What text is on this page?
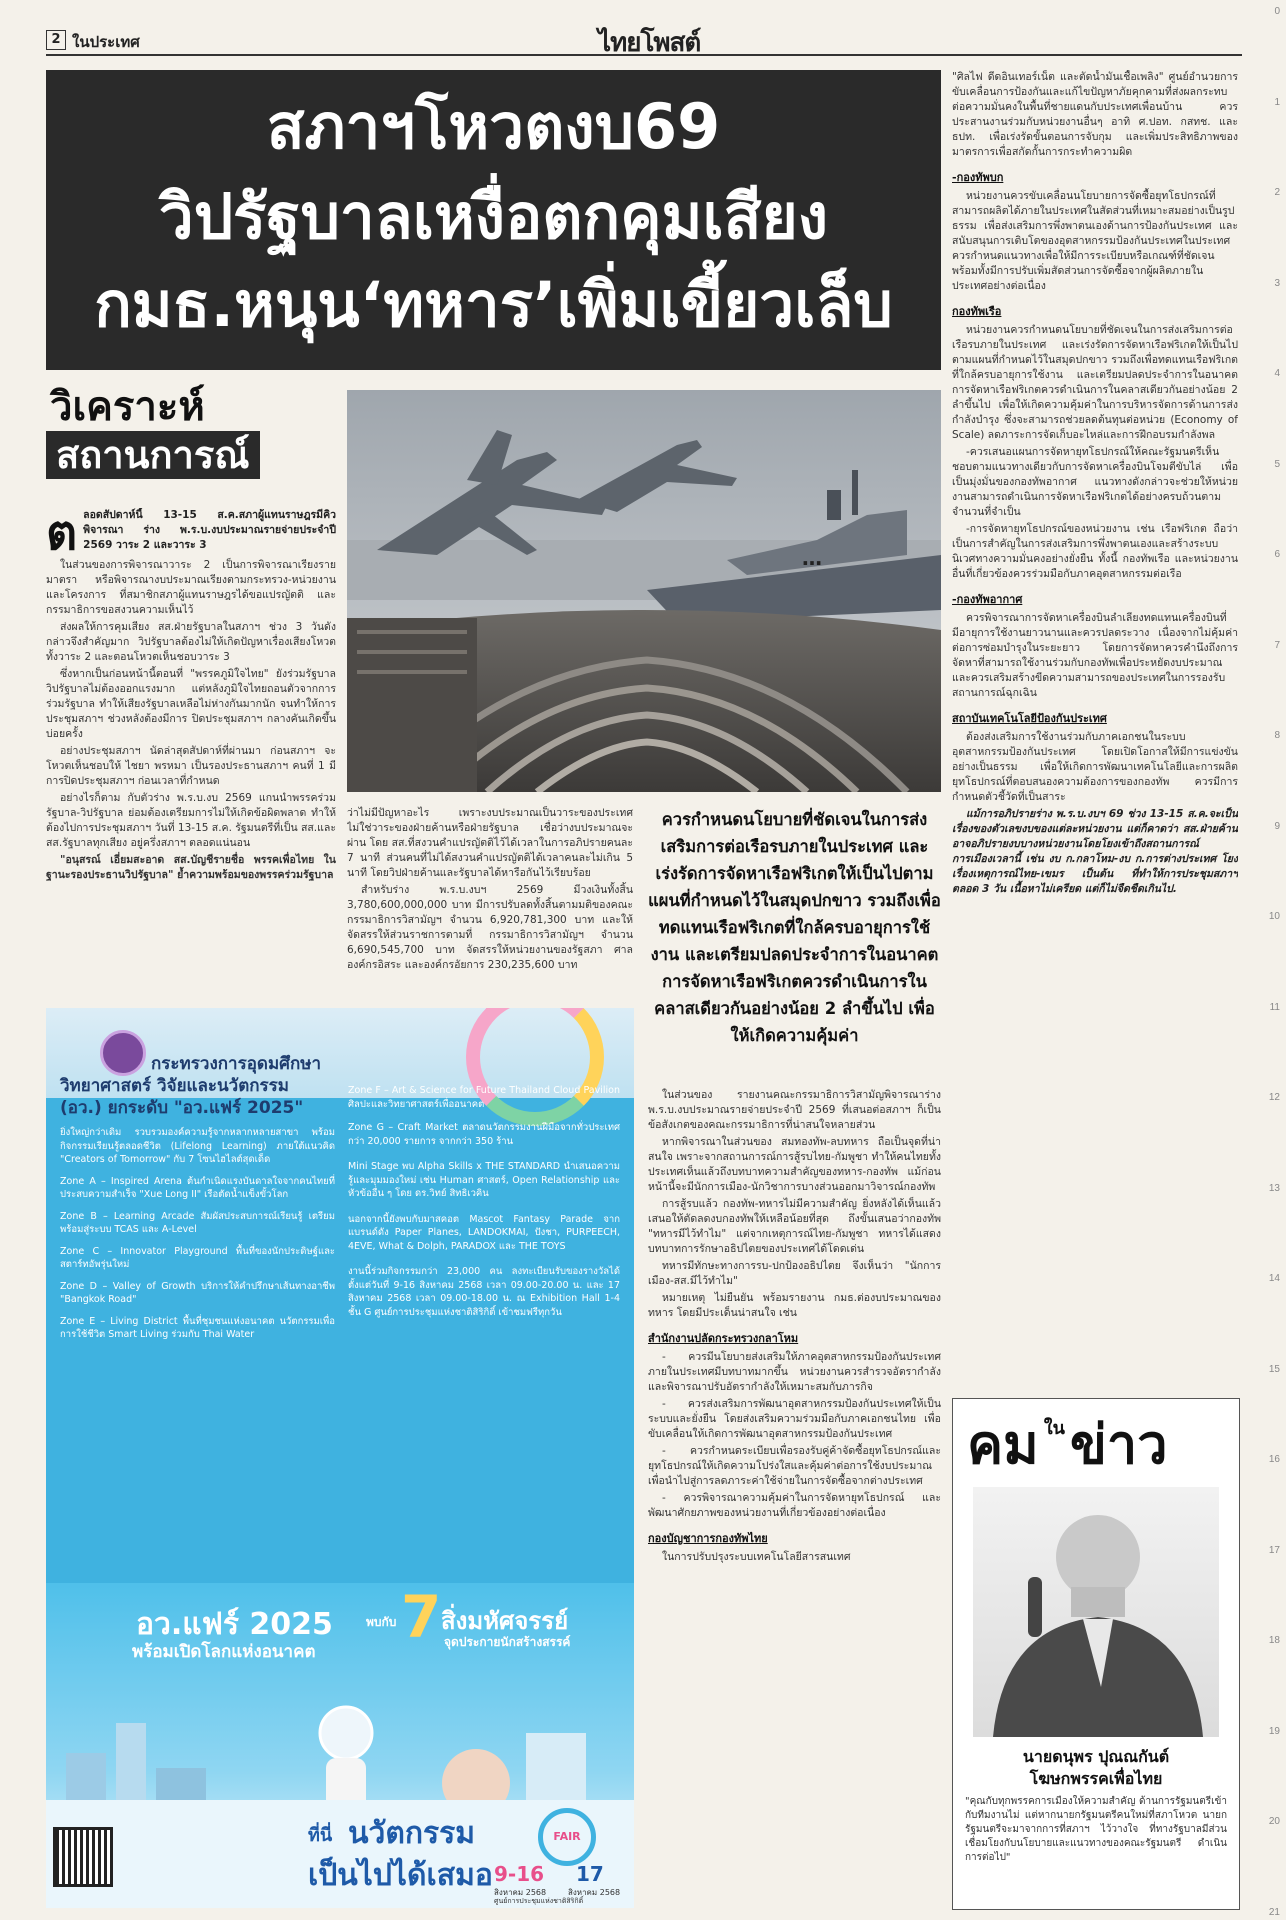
2 ในประเทศ	ไทยโพสต์
สภาฯโหวตงบ69
วิปรัฐบาลเหงื่อตกคุมเสียง
กมธ.หนุน‘ทหาร’เพิ่มเขี้ยวเล็บ
วิเคราะห์
สถานการณ์
ต ลอดสัปดาห์นี้ 13-15 ส.ค.สภาผู้แทนราษฎรมีคิวพิจารณา ร่าง พ.ร.บ.งบประมาณรายจ่ายประจำปี 2569 วาระ 2 และวาระ 3

ในส่วนของการพิจารณาวาระ 2 เป็นการพิจารณาเรียงรายมาตรา หรือพิจารณางบประมาณเรียงตามกระทรวง-หน่วยงาน และโครงการ ที่สมาชิกสภาผู้แทนราษฎรได้ขอแปรญัตติ และกรรมาธิการขอสงวนความเห็นไว้

ส่งผลให้การคุมเสียง สส.ฝ่ายรัฐบาลในสภาฯ ช่วง 3 วันดังกล่าวจึงสำคัญมาก วิปรัฐบาลต้องไม่ให้เกิดปัญหาเรื่องเสียงโหวตทั้งวาระ 2 และตอนโหวตเห็นชอบวาระ 3

ซึ่งหากเป็นก่อนหน้านี้ตอนที่ "พรรคภูมิใจไทย" ยังร่วมรัฐบาล วิปรัฐบาลไม่ต้องออกแรงมาก แต่หลังภูมิใจไทยถอนตัวจากการร่วมรัฐบาล ทำให้เสียงรัฐบาลเหลือไม่ห่างกันมากนัก จนทำให้การประชุมสภาฯ ช่วงหลังต้องมีการ ปิดประชุมสภาฯ กลางคันเกิดขึ้นบ่อยครั้ง

อย่างประชุมสภาฯ นัดล่าสุดสัปดาห์ที่ผ่านมา ก่อนสภาฯ จะโหวตเห็นชอบให้ ไชยา พรหมา เป็นรองประธานสภาฯ คนที่ 1 มีการปิดประชุมสภาฯ ก่อนเวลาที่กำหนด

อย่างไรก็ตาม กับตัวร่าง พ.ร.บ.งบ 2569 แกนนำพรรคร่วมรัฐบาล-วิปรัฐบาล ย่อมต้องเตรียมการไม่ให้เกิดข้อผิดพลาด ทำให้ต้องไปการประชุมสภาฯ วันที่ 13-15 ส.ค. รัฐมนตรีที่เป็น สส.และ สส.รัฐบาลทุกเสียง อยู่ครึ่งสภาฯ ตลอดแน่นอน

"อนุสรณ์ เอี่ยมสะอาด สส.บัญชีรายชื่อ พรรคเพื่อไทย ในฐานะรองประธานวิปรัฐบาล" ย้ำความพร้อมของพรรคร่วมรัฐบาล

…

ว่าไม่มีปัญหาอะไร เพราะงบประมาณเป็นวาระของประเทศ ไม่ใช่วาระของฝ่ายค้านหรือฝ่ายรัฐบาล เชื่อว่างบประมาณจะผ่าน โดย สส.ที่สงวนคำแปรญัตติไว้ได้เวลาในการอภิปรายคนละ 7 นาที ส่วนคนที่ไม่ได้สงวนคำแปรญัตติได้เวลาคนละไม่เกิน 5 นาที โดยวิปฝ่ายค้านและรัฐบาลได้หารือกันไว้เรียบร้อย

สำหรับร่าง พ.ร.บ.งบฯ 2569 มีวงเงินทั้งสิ้น 3,780,600,000,000 บาท มีการปรับลดทั้งสิ้นตามมติของคณะกรรมาธิการวิสามัญฯ จำนวน 6,920,781,300 บาท และให้จัดสรรให้ส่วนราชการตามที่ กรรมาธิการวิสามัญฯ จำนวน 6,690,545,700 บาท จัดสรรให้หน่วยงานของรัฐสภา ศาล องค์กรอิสระ และองค์กรอัยการ 230,235,600 บาท

ควรกำหนดนโยบายที่ชัดเจนในการส่งเสริมการต่อเรือรบภายในประเทศ และเร่งรัดการจัดหาเรือฟริเกตให้เป็นไปตามแผนที่กำหนดไว้ในสมุดปกขาว รวมถึงเพื่อทดแทนเรือฟริเกตที่ใกล้ครบอายุการใช้งาน และเตรียมปลดประจำการในอนาคต การจัดหาเรือฟริเกตควรดำเนินการในคลาสเดียวกันอย่างน้อย 2 ลำขึ้นไป เพื่อให้เกิดความคุ้มค่า
กระทรวงการอุดมศึกษา
วิทยาศาสตร์ วิจัยและนวัตกรรม
(อว.) ยกระดับ "อว.แฟร์ 2025"

ยิ่งใหญ่กว่าเดิม รวบรวมองค์ความรู้จากหลากหลายสาขา พร้อมกิจกรรมเรียนรู้ตลอดชีวิต (Lifelong Learning) ภายใต้แนวคิด "Creators of Tomorrow" กับ 7 โซนไฮไลต์สุดเด็ด

Zone A – Inspired Arena ต้นกำเนิดแรงบันดาลใจจากคนไทยที่ประสบความสำเร็จ "Xue Long II" เรือตัดน้ำแข็งขั้วโลก

Zone B – Learning Arcade สัมผัสประสบการณ์เรียนรู้ เตรียมพร้อมสู่ระบบ TCAS และ A-Level

Zone C – Innovator Playground พื้นที่ของนักประดิษฐ์และสตาร์ทอัพรุ่นใหม่

Zone D – Valley of Growth บริการให้คำปรึกษาเส้นทางอาชีพ "Bangkok Road"

Zone E – Living District พื้นที่ชุมชนแห่งอนาคต นวัตกรรมเพื่อการใช้ชีวิต Smart Living ร่วมกับ Thai Water

Zone F – Art & Science for Future Thailand Cloud Pavilion ศิลปะและวิทยาศาสตร์เพื่ออนาคต

Zone G – Craft Market ตลาดนวัตกรรมงานฝีมือจากทั่วประเทศกว่า 20,000 รายการ จากกว่า 350 ร้าน

Mini Stage พบ Alpha Skills x THE STANDARD นำเสนอความรู้และมุมมองใหม่ เช่น Human ศาสตร์, Open Relationship และหัวข้ออื่น ๆ โดย ดร.วิทย์ สิทธิเวคิน

นอกจากนี้ยังพบกับมาสคอต Mascot Fantasy Parade จากแบรนด์ดัง Paper Planes, LANDOKMAI, ปังชา, PURPEECH, 4EVE, What & Dolph, PARADOX และ THE TOYS

งานนี้ร่วมกิจกรรมกว่า 23,000 คน ลงทะเบียนรับของรางวัลได้ตั้งแต่วันที่ 9-16 สิงหาคม 2568 เวลา 09.00-20.00 น. และ 17 สิงหาคม 2568 เวลา 09.00-18.00 น. ณ Exhibition Hall 1-4 ชั้น G ศูนย์การประชุมแห่งชาติสิริกิติ์ เข้าชมฟรีทุกวัน

อว.แฟร์ 2025
พร้อมเปิดโลกแห่งอนาคต
พบกับ 7 สิ่งมหัศจรรย์
จุดประกายนักสร้างสรรค์
ที่นี่ นวัตกรรม
เป็นไปได้เสมอ
FAIR
9-16
สิงหาคม 2568
17
สิงหาคม 2568
ศูนย์การประชุมแห่งชาติสิริกิติ์

ในส่วนของ รายงานคณะกรรมาธิการวิสามัญพิจารณาร่าง พ.ร.บ.งบประมาณรายจ่ายประจำปี 2569 ที่เสนอต่อสภาฯ ก็เป็นข้อสังเกตของคณะกรรมาธิการที่น่าสนใจหลายส่วน

หากพิจารณาในส่วนของ สมทองทัพ-ลบทหาร ถือเป็นจุดที่น่าสนใจ เพราะจากสถานการณ์การสู้รบไทย-กัมพูชา ทำให้คนไทยทั้งประเทศเห็นแล้วถึงบทบาทความสำคัญของทหาร-กองทัพ แม้ก่อนหน้านี้จะมีนักการเมือง-นักวิชาการบางส่วนออกมาวิจารณ์กองทัพ

การสู้รบแล้ว กองทัพ-ทหารไม่มีความสำคัญ ยิ่งหลังได้เห็นแล้ว เสนอให้ตัดลดงบกองทัพให้เหลือน้อยที่สุด ถึงขั้นเสนอว่ากองทัพ "ทหารมีไว้ทำไม" แต่จากเหตุการณ์ไทย-กัมพูชา ทหารได้แสดงบทบาทการรักษาอธิปไตยของประเทศได้โดดเด่น

ทหารมีทักษะทางการรบ-ปกป้องอธิปไตย จึงเห็นว่า "นักการเมือง-สส.มีไว้ทำไม"

หมายเหตุ ไม่ยืนยัน พร้อมรายงาน กมธ.ต่องบประมาณของทหาร โดยมีประเด็นน่าสนใจ เช่น

สำนักงานปลัดกระทรวงกลาโหม

- ควรมีนโยบายส่งเสริมให้ภาคอุตสาหกรรมป้องกันประเทศภายในประเทศมีบทบาทมากขึ้น หน่วยงานควรสำรวจอัตรากำลังและพิจารณาปรับอัตรากำลังให้เหมาะสมกับภารกิจ

- ควรส่งเสริมการพัฒนาอุตสาหกรรมป้องกันประเทศให้เป็นระบบและยั่งยืน โดยส่งเสริมความร่วมมือกับภาคเอกชนไทย เพื่อขับเคลื่อนให้เกิดการพัฒนาอุตสาหกรรมป้องกันประเทศ

- ควรกำหนดระเบียบเพื่อรองรับคู่ค้าจัดซื้อยุทโธปกรณ์และยุทโธปกรณ์ให้เกิดความโปร่งใสและคุ้มค่าต่อการใช้งบประมาณ เพื่อนำไปสู่การลดภาระค่าใช้จ่ายในการจัดซื้อจากต่างประเทศ

- ควรพิจารณาความคุ้มค่าในการจัดหายุทโธปกรณ์ และพัฒนาศักยภาพของหน่วยงานที่เกี่ยวข้องอย่างต่อเนื่อง

กองบัญชาการกองทัพไทย

ในการปรับปรุงระบบเทคโนโลยีสารสนเทศ

"ศิลไฟ ดีดอินเทอร์เน็ต และตัดน้ำมันเชื้อเพลิง" ศูนย์อำนวยการขับเคลื่อนการป้องกันและแก้ไขปัญหาภัยคุกคามที่ส่งผลกระทบต่อความมั่นคงในพื้นที่ชายแดนกับประเทศเพื่อนบ้าน ควรประสานงานร่วมกับหน่วยงานอื่นๆ อาทิ ศ.ปอท. กสทช. และ ธปท. เพื่อเร่งรัดขั้นตอนการจับกุม และเพิ่มประสิทธิภาพของมาตรการเพื่อสกัดกั้นการกระทำความผิด

-กองทัพบก

หน่วยงานควรขับเคลื่อนนโยบายการจัดซื้อยุทโธปกรณ์ที่สามารถผลิตได้ภายในประเทศในสัดส่วนที่เหมาะสมอย่างเป็นรูปธรรม เพื่อส่งเสริมการพึ่งพาตนเองด้านการป้องกันประเทศ และสนับสนุนการเติบโตของอุตสาหกรรมป้องกันประเทศในประเทศ ควรกำหนดแนวทางเพื่อให้มีการระเบียบหรือเกณฑ์ที่ชัดเจน พร้อมทั้งมีการปรับเพิ่มสัดส่วนการจัดซื้อจากผู้ผลิตภายในประเทศอย่างต่อเนื่อง

กองทัพเรือ

หน่วยงานควรกำหนดนโยบายที่ชัดเจนในการส่งเสริมการต่อเรือรบภายในประเทศ และเร่งรัดการจัดหาเรือฟริเกตให้เป็นไปตามแผนที่กำหนดไว้ในสมุดปกขาว รวมถึงเพื่อทดแทนเรือฟริเกตที่ใกล้ครบอายุการใช้งาน และเตรียมปลดประจำการในอนาคต การจัดหาเรือฟริเกตควรดำเนินการในคลาสเดียวกันอย่างน้อย 2 ลำขึ้นไป เพื่อให้เกิดความคุ้มค่าในการบริหารจัดการด้านการส่งกำลังบำรุง ซึ่งจะสามารถช่วยลดต้นทุนต่อหน่วย (Economy of Scale) ลดภาระการจัดเก็บอะไหล่และการฝึกอบรมกำลังพล

-ควรเสนอแผนการจัดหายุทโธปกรณ์ให้คณะรัฐมนตรีเห็นชอบตามแนวทางเดียวกับการจัดหาเครื่องบินโจมตีขับไล่ เพื่อเป็นมุ่งมั่นของกองทัพอากาศ แนวทางดังกล่าวจะช่วยให้หน่วยงานสามารถดำเนินการจัดหาเรือฟริเกตได้อย่างครบถ้วนตามจำนวนที่จำเป็น

-การจัดหายุทโธปกรณ์ของหน่วยงาน เช่น เรือฟริเกต ถือว่าเป็นการสำคัญในการส่งเสริมการพึ่งพาตนเองและสร้างระบบนิเวศทางความมั่นคงอย่างยั่งยืน ทั้งนี้ กองทัพเรือ และหน่วยงานอื่นที่เกี่ยวข้องควรร่วมมือกับภาคอุตสาหกรรมต่อเรือ

-กองทัพอากาศ

ควรพิจารณาการจัดหาเครื่องบินลำเลียงทดแทนเครื่องบินที่มีอายุการใช้งานยาวนานและควรปลดระวาง เนื่องจากไม่คุ้มค่าต่อการซ่อมบำรุงในระยะยาว โดยการจัดหาควรคำนึงถึงการจัดหาที่สามารถใช้งานร่วมกับกองทัพเพื่อประหยัดงบประมาณ และควรเสริมสร้างขีดความสามารถของประเทศในการรองรับสถานการณ์ฉุกเฉิน

สถาบันเทคโนโลยีป้องกันประเทศ

ต้องส่งเสริมการใช้งานร่วมกับภาคเอกชนในระบบอุตสาหกรรมป้องกันประเทศ โดยเปิดโอกาสให้มีการแข่งขันอย่างเป็นธรรม เพื่อให้เกิดการพัฒนาเทคโนโลยีและการผลิตยุทโธปกรณ์ที่ตอบสนองความต้องการของกองทัพ ควรมีการกำหนดตัวชี้วัดที่เป็นสาระ

แม้การอภิปรายร่าง พ.ร.บ.งบฯ 69 ช่วง 13-15 ส.ค.จะเป็นเรื่องของตัวเลขงบของแต่ละหน่วยงาน แต่ก็คาดว่า สส.ฝ่ายค้านอาจอภิปรายงบบางหน่วยงานโดยโยงเข้าถึงสถานการณ์การเมืองเวลานี้ เช่น งบ ก.กลาโหม-งบ ก.การต่างประเทศ โยงเรื่องเหตุการณ์ไทย-เขมร เป็นต้น ที่ทำให้การประชุมสภาฯ ตลอด 3 วัน เนื้อหาไม่เครียด แต่ก็ไม่จืดชืดเกินไป.

คม ใน ข่าว
นายดนุพร ปุณณกันต์
โฆษกพรรคเพื่อไทย
"คุณกับทุกพรรคการเมืองให้ความสำคัญ ด้านการรัฐมนตรีเข้ากับทีมงานไม่ แต่หากนายกรัฐมนตรีคนใหม่ที่สภาโหวต นายกรัฐมนตรีจะมาจากการที่สภาฯ ไว้วางใจ ที่ทางรัฐบาลมีส่วนเชื่อมโยงกับนโยบายและแนวทางของคณะรัฐมนตรี ดำเนินการต่อไป"
0
1
2
3
4
5
6
7
8
9
10
11
12
13
14
15
16
17
18
19
20
21
